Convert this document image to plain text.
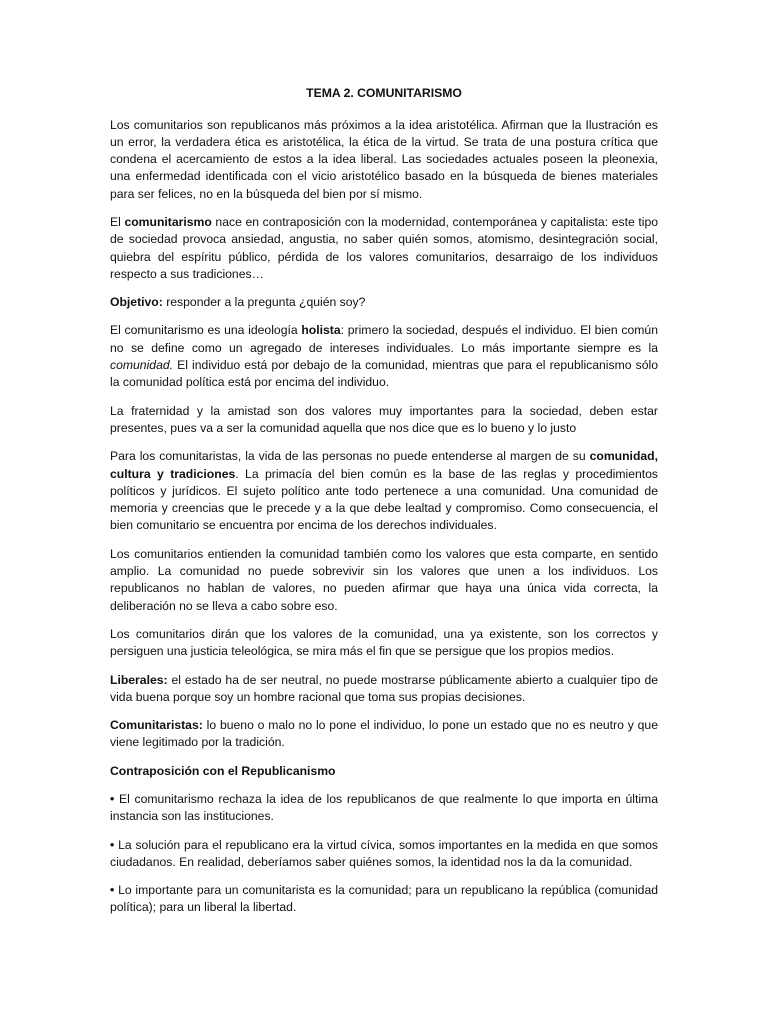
TEMA 2. COMUNITARISMO
Los comunitarios son republicanos más próximos a la idea aristotélica. Afirman que la Ilustración es un error, la verdadera ética es aristotélica, la ética de la virtud. Se trata de una postura crítica que condena el acercamiento de estos a la idea liberal. Las sociedades actuales poseen la pleonexia, una enfermedad identificada con el vicio aristotélico basado en la búsqueda de bienes materiales para ser felices, no en la búsqueda del bien por sí mismo.
El comunitarismo nace en contraposición con la modernidad, contemporánea y capitalista: este tipo de sociedad provoca ansiedad, angustia, no saber quién somos, atomismo, desintegración social, quiebra del espíritu público, pérdida de los valores comunitarios, desarraigo de los individuos respecto a sus tradiciones…
Objetivo: responder a la pregunta ¿quién soy?
El comunitarismo es una ideología holista: primero la sociedad, después el individuo. El bien común no se define como un agregado de intereses individuales. Lo más importante siempre es la comunidad. El individuo está por debajo de la comunidad, mientras que para el republicanismo sólo la comunidad política está por encima del individuo.
La fraternidad y la amistad son dos valores muy importantes para la sociedad, deben estar presentes, pues va a ser la comunidad aquella que nos dice que es lo bueno y lo justo
Para los comunitaristas, la vida de las personas no puede entenderse al margen de su comunidad, cultura y tradiciones. La primacía del bien común es la base de las reglas y procedimientos políticos y jurídicos. El sujeto político ante todo pertenece a una comunidad. Una comunidad de memoria y creencias que le precede y a la que debe lealtad y compromiso. Como consecuencia, el bien comunitario se encuentra por encima de los derechos individuales.
Los comunitarios entienden la comunidad también como los valores que esta comparte, en sentido amplio. La comunidad no puede sobrevivir sin los valores que unen a los individuos. Los republicanos no hablan de valores, no pueden afirmar que haya una única vida correcta, la deliberación no se lleva a cabo sobre eso.
Los comunitarios dirán que los valores de la comunidad, una ya existente, son los correctos y persiguen una justicia teleológica, se mira más el fin que se persigue que los propios medios.
Liberales: el estado ha de ser neutral, no puede mostrarse públicamente abierto a cualquier tipo de vida buena porque soy un hombre racional que toma sus propias decisiones.
Comunitaristas: lo bueno o malo no lo pone el individuo, lo pone un estado que no es neutro y que viene legitimado por la tradición.
Contraposición con el Republicanismo
• El comunitarismo rechaza la idea de los republicanos de que realmente lo que importa en última instancia son las instituciones.
• La solución para el republicano era la virtud cívica, somos importantes en la medida en que somos ciudadanos. En realidad, deberíamos saber quiénes somos, la identidad nos la da la comunidad.
• Lo importante para un comunitarista es la comunidad; para un republicano la república (comunidad política); para un liberal la libertad.
